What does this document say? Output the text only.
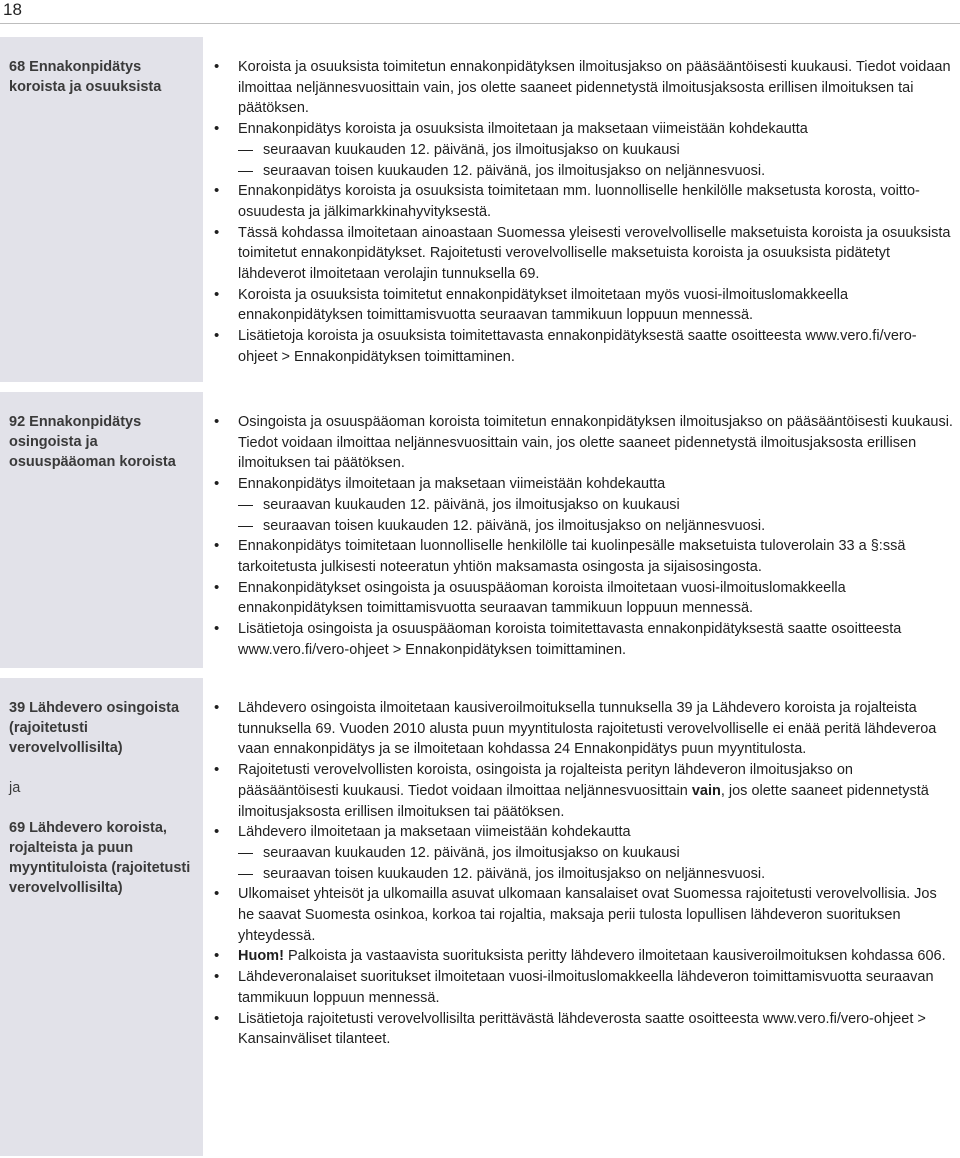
18

68 Ennakonpidätys koroista ja osuuksista

• Koroista ja osuuksista toimitetun ennakonpidätyksen ilmoitusjakso on pääsääntöisesti kuukausi. Tiedot voidaan ilmoittaa neljännesvuosittain vain, jos olette saaneet pidennetystä ilmoitusjaksosta erillisen ilmoituksen tai päätöksen.

• Ennakonpidätys koroista ja osuuksista ilmoitetaan ja maksetaan viimeistään kohdekautta

seuraavan kuukauden 12. päivänä, jos ilmoitusjakso on kuukausi

seuraavan toisen kuukauden 12. päivänä, jos ilmoitusjakso on neljännesvuosi.

• Ennakonpidätys koroista ja osuuksista toimitetaan mm. luonnolliselle henkilölle maksetusta korosta, voitto-osuudesta ja jälkimarkkinahyvityksestä.

• Tässä kohdassa ilmoitetaan ainoastaan Suomessa yleisesti verovelvolliselle maksetuista koroista ja osuuksista toimitetut ennakonpidätykset. Rajoitetusti verovelvolliselle maksetuista koroista ja osuuksista pidätetyt lähdeverot ilmoitetaan verolajin tunnuksella 69.

• Koroista ja osuuksista toimitetut ennakonpidätykset ilmoitetaan myös vuosi-ilmoituslomakkeella ennakonpidätyksen toimittamisvuotta seuraavan tammikuun loppuun mennessä.

• Lisätietoja koroista ja osuuksista toimitettavasta ennakonpidätyksestä saatte osoitteesta www.vero.fi/vero-ohjeet > Ennakonpidätyksen toimittaminen.

92 Ennakonpidätys osingoista ja osuuspääoman koroista

• Osingoista ja osuuspääoman koroista toimitetun ennakonpidätyksen ilmoitusjakso on pääsääntöisesti kuukausi. Tiedot voidaan ilmoittaa neljännesvuosittain vain, jos olette saaneet pidennetystä ilmoitusjaksosta erillisen ilmoituksen tai päätöksen.

• Ennakonpidätys ilmoitetaan ja maksetaan viimeistään kohdekautta

seuraavan kuukauden 12. päivänä, jos ilmoitusjakso on kuukausi

seuraavan toisen kuukauden 12. päivänä, jos ilmoitusjakso on neljännesvuosi.

• Ennakonpidätys toimitetaan luonnolliselle henkilölle tai kuolinpesälle maksetuista tuloverolain 33 a §:ssä tarkoitetusta julkisesti noteeratun yhtiön maksamasta osingosta ja sijaisosingosta.

• Ennakonpidätykset osingoista ja osuuspääoman koroista ilmoitetaan vuosi-ilmoituslomakkeella ennakonpidätyksen toimittamisvuotta seuraavan tammikuun loppuun mennessä.

• Lisätietoja osingoista ja osuuspääoman koroista toimitettavasta ennakonpidätyksestä saatte osoitteesta www.vero.fi/vero-ohjeet > Ennakonpidätyksen toimittaminen.

39 Lähdevero osingoista (rajoitetusti verovelvollisilta)

ja

69 Lähdevero koroista, rojalteista ja puun myyntituloista (rajoitetusti verovelvollisilta)

• Lähdevero osingoista ilmoitetaan kausiveroilmoituksella tunnuksella 39 ja Lähdevero koroista ja rojalteista tunnuksella 69. Vuoden 2010 alusta puun myyntitulosta rajoitetusti verovelvolliselle ei enää peritä lähdeveroa vaan ennakonpidätys ja se ilmoitetaan kohdassa 24 Ennakonpidätys puun myyntitulosta.

• Rajoitetusti verovelvollisten koroista, osingoista ja rojalteista perityn lähdeveron ilmoitusjakso on pääsääntöisesti kuukausi. Tiedot voidaan ilmoittaa neljännesvuosittain vain, jos olette saaneet pidennetystä ilmoitusjaksosta erillisen ilmoituksen tai päätöksen.

• Lähdevero ilmoitetaan ja maksetaan viimeistään kohdekautta

seuraavan kuukauden 12. päivänä, jos ilmoitusjakso on kuukausi

seuraavan toisen kuukauden 12. päivänä, jos ilmoitusjakso on neljännesvuosi.

• Ulkomaiset yhteisöt ja ulkomailla asuvat ulkomaan kansalaiset ovat Suomessa rajoitetusti verovelvollisia. Jos he saavat Suomesta osinkoa, korkoa tai rojaltia, maksaja perii tulosta lopullisen lähdeveron suorituksen yhteydessä.

• Huom! Palkoista ja vastaavista suorituksista peritty lähdevero ilmoitetaan kausiveroilmoituksen kohdassa 606.

• Lähdeveronalaiset suoritukset ilmoitetaan vuosi-ilmoituslomakkeella lähdeveron toimittamisvuotta seuraavan tammikuun loppuun mennessä.

• Lisätietoja rajoitetusti verovelvollisilta perittävästä lähdeverosta saatte osoitteesta www.vero.fi/vero-ohjeet > Kansainväliset tilanteet.
